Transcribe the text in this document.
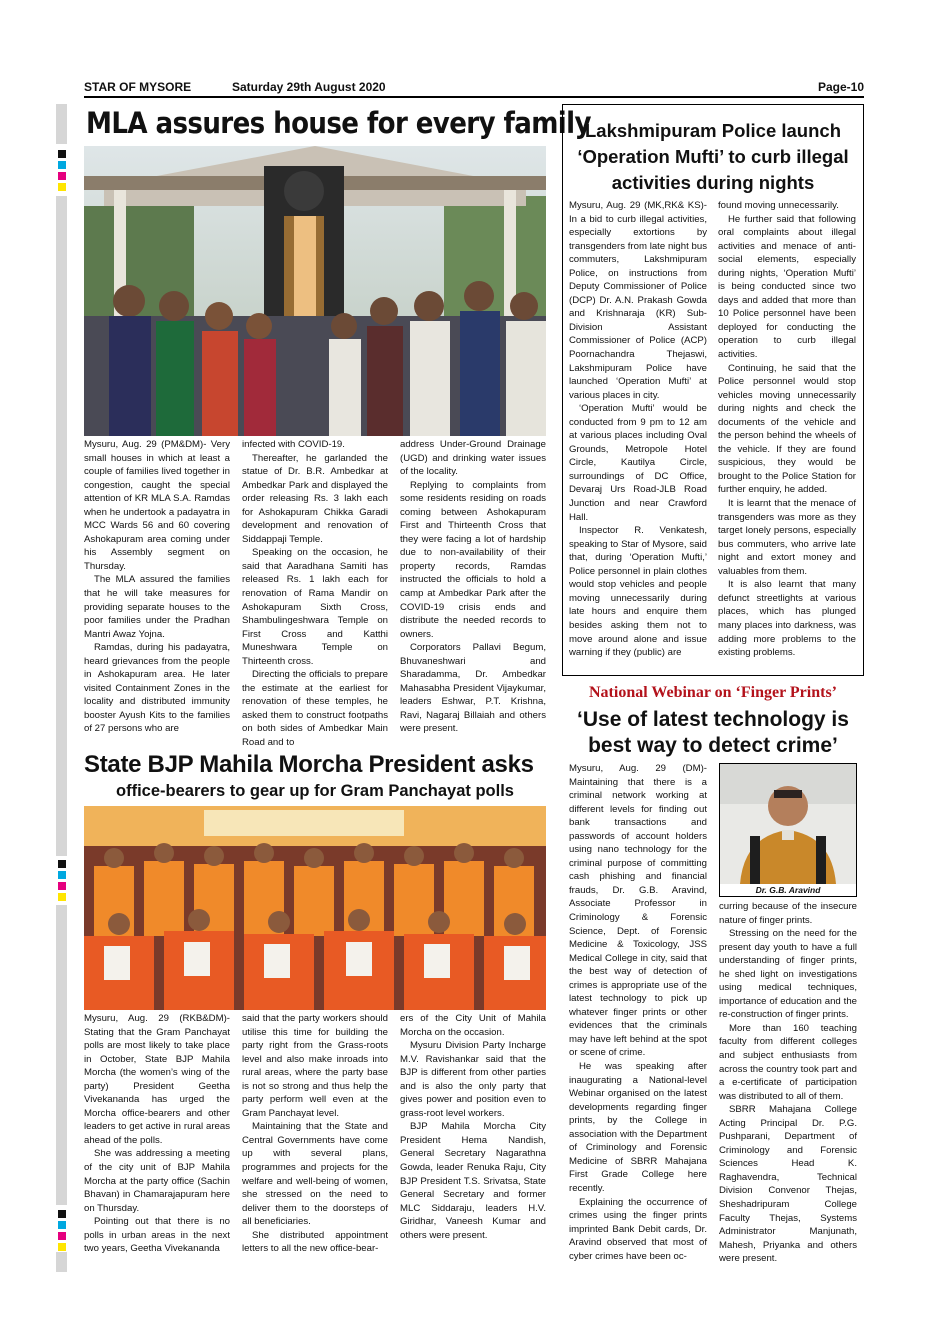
STAR OF MYSORE	Saturday 29th August 2020	Page-10
MLA assures house for every family

Mysuru, Aug. 29 (PM&DM)- Very small houses in which at least a couple of families lived together in congestion, caught the special attention of KR MLA S.A. Ramdas when he undertook a padayatra in MCC Wards 56 and 60 covering Ashokapuram area coming under his Assembly segment on Thursday.

The MLA assured the families that he will take measures for providing separate houses to the poor families under the Pradhan Mantri Awaz Yojna.

Ramdas, during his padayatra, heard grievances from the people in Ashokapuram area. He later visited Containment Zones in the locality and distributed immunity booster Ayush Kits to the families of 27 persons who are

infected with COVID-19.

Thereafter, he garlanded the statue of Dr. B.R. Ambedkar at Ambedkar Park and displayed the order releasing Rs. 3 lakh each for Ashokapuram Chikka Garadi development and renovation of Siddappaji Temple.

Speaking on the occasion, he said that Aaradhana Samiti has released Rs. 1 lakh each for renovation of Rama Mandir on Ashokapuram Sixth Cross, Shambulingeshwara Temple on First Cross and Katthi Muneshwara Temple on Thirteenth cross.

Directing the officials to prepare the estimate at the earliest for renovation of these temples, he asked them to construct footpaths on both sides of Ambedkar Main Road and to

address Under-Ground Drainage (UGD) and drinking water issues of the locality.

Replying to complaints from some residents residing on roads coming between Ashokapuram First and Thirteenth Cross that they were facing a lot of hardship due to non-availability of their property records, Ramdas instructed the officials to hold a camp at Ambedkar Park after the COVID-19 crisis ends and distribute the needed records to owners.

Corporators Pallavi Begum, Bhuvaneshwari and Sharadamma, Dr. Ambedkar Mahasabha President Vijaykumar, leaders Eshwar, P.T. Krishna, Ravi, Nagaraj Billaiah and others were present.

Lakshmipuram Police launch ‘Operation Mufti’ to curb illegal activities during nights

Mysuru, Aug. 29 (MK,RK& KS)- In a bid to curb illegal activities, especially extortions by transgenders from late night bus commuters, Lakshmipuram Police, on instructions from Deputy Commissioner of Police (DCP) Dr. A.N. Prakash Gowda and Krishnaraja (KR) Sub-Division Assistant Commissioner of Police (ACP) Poornachandra Thejaswi, Lakshmipuram Police have launched ‘Operation Mufti’ at various places in city.

‘Operation Mufti’ would be conducted from 9 pm to 12 am at various places including Oval Grounds, Metropole Hotel Circle, Kautilya Circle, surroundings of DC Office, Devaraj Urs Road-JLB Road Junction and near Crawford Hall.

Inspector R. Venkatesh, speaking to Star of Mysore, said that, during ‘Operation Mufti,’ Police personnel in plain clothes would stop vehicles and people moving unnecessarily during late hours and enquire them besides asking them not to move around alone and issue warning if they (public) are

found moving unnecessarily.

He further said that following oral complaints about illegal activities and menace of anti-social elements, especially during nights, ‘Operation Mufti’ is being conducted since two days and added that more than 10 Police personnel have been deployed for conducting the operation to curb illegal activities.

Continuing, he said that the Police personnel would stop vehicles moving unnecessarily during nights and check the documents of the vehicle and the person behind the wheels of the vehicle. If they are found suspicious, they would be brought to the Police Station for further enquiry, he added.

It is learnt that the menace of transgenders was more as they target lonely persons, especially bus commuters, who arrive late night and extort money and valuables from them.

It is also learnt that many defunct streetlights at various places, which has plunged many places into darkness, was adding more problems to the existing problems.

National Webinar on ‘Finger Prints’
‘Use of latest technology is best way to detect crime’

Mysuru, Aug. 29 (DM)- Maintaining that there is a criminal network working at different levels for finding out bank transactions and passwords of account holders using nano technology for the criminal purpose of committing cash phishing and financial frauds, Dr. G.B. Aravind, Associate Professor in Criminology & Forensic Science, Dept. of Forensic Medicine & Toxicology, JSS Medical College in city, said that the best way of detection of crimes is appropriate use of the latest technology to pick up whatever finger prints or other evidences that the criminals may have left behind at the spot or scene of crime.

He was speaking after inaugurating a National-level Webinar organised on the latest developments regarding finger prints, by the College in association with the Department of Criminology and Forensic Medicine of SBRR Mahajana First Grade College here recently.

Explaining the occurrence of crimes using the finger prints imprinted Bank Debit cards, Dr. Aravind observed that most of cyber crimes have been oc-

Dr. G.B. Aravind

curring because of the insecure nature of finger prints.

Stressing on the need for the present day youth to have a full understanding of finger prints, he shed light on investigations using medical techniques, importance of education and the re-construction of finger prints.

More than 160 teaching faculty from different colleges and subject enthusiasts from across the country took part and a e-certificate of participation was distributed to all of them.

SBRR Mahajana College Acting Principal Dr. P.G. Pushparani, Department of Criminology and Forensic Sciences Head K. Raghavendra, Technical Division Convenor Thejas, Sheshadripuram College Faculty Thejas, Systems Administrator Manjunath, Mahesh, Priyanka and others were present.

State BJP Mahila Morcha President asks
office-bearers to gear up for Gram Panchayat polls

Mysuru, Aug. 29 (RKB&DM)- Stating that the Gram Panchayat polls are most likely to take place in October, State BJP Mahila Morcha (the women’s wing of the party) President Geetha Vivekananda has urged the Morcha office-bearers and other leaders to get active in rural areas ahead of the polls.

She was addressing a meeting of the city unit of BJP Mahila Morcha at the party office (Sachin Bhavan) in Chamarajapuram here on Thursday.

Pointing out that there is no polls in urban areas in the next two years, Geetha Vivekananda

said that the party workers should utilise this time for building the party right from the Grass-roots level and also make inroads into rural areas, where the party base is not so strong and thus help the party perform well even at the Gram Panchayat level.

Maintaining that the State and Central Governments have come up with several plans, programmes and projects for the welfare and well-being of women, she stressed on the need to deliver them to the doorsteps of all beneficiaries.

She distributed appointment letters to all the new office-bear-

ers of the City Unit of Mahila Morcha on the occasion.

Mysuru Division Party Incharge M.V. Ravishankar said that the BJP is different from other parties and is also the only party that gives power and position even to grass-root level workers.

BJP Mahila Morcha City President Hema Nandish, General Secretary Nagarathna Gowda, leader Renuka Raju, City BJP President T.S. Srivatsa, State General Secretary and former MLC Siddaraju, leaders H.V. Giridhar, Vaneesh Kumar and others were present.
